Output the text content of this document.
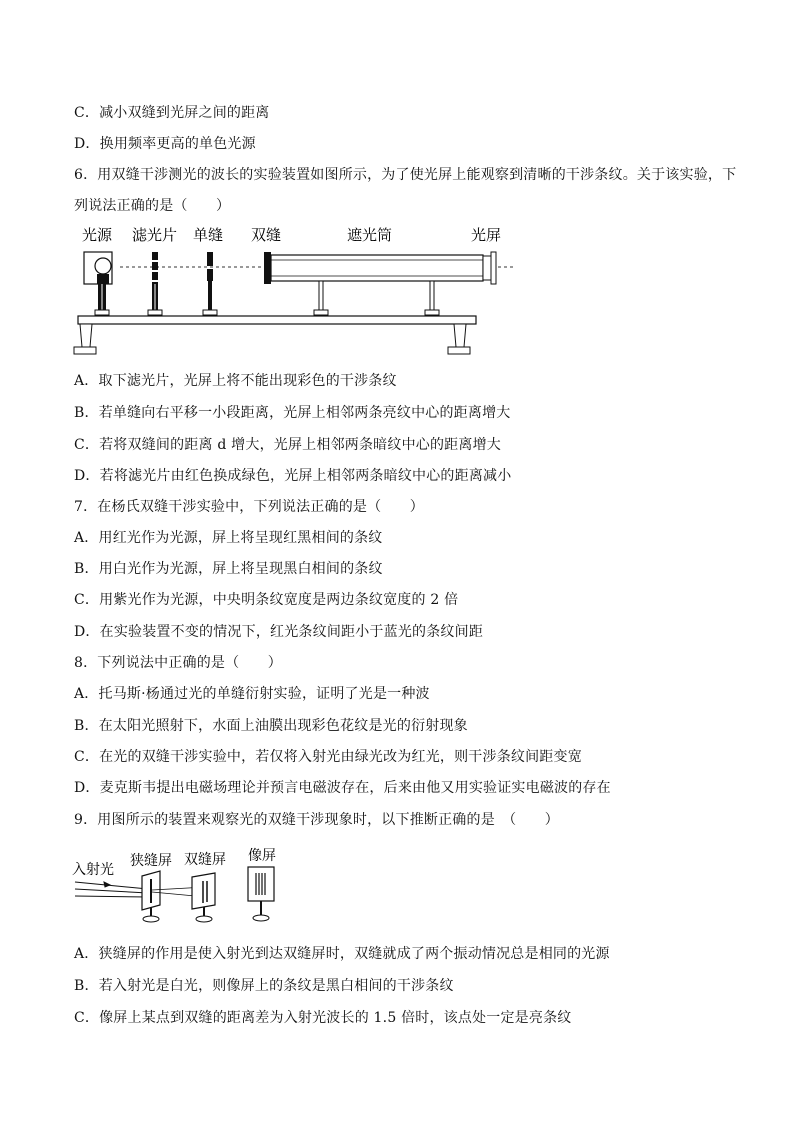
C．减小双缝到光屏之间的距离
D．换用频率更高的单色光源
6．用双缝干涉测光的波长的实验装置如图所示，为了使光屏上能观察到清晰的干涉条纹。关于该实验，下
列说法正确的是（　　）
光源 滤光片 单缝 双缝	遮光筒	光屏
A．取下滤光片，光屏上将不能出现彩色的干涉条纹
B．若单缝向右平移一小段距离，光屏上相邻两条亮纹中心的距离增大
C．若将双缝间的距离 d 增大，光屏上相邻两条暗纹中心的距离增大
D．若将滤光片由红色换成绿色，光屏上相邻两条暗纹中心的距离减小
7．在杨氏双缝干涉实验中，下列说法正确的是（　　）
A．用红光作为光源，屏上将呈现红黑相间的条纹
B．用白光作为光源，屏上将呈现黑白相间的条纹
C．用紫光作为光源，中央明条纹宽度是两边条纹宽度的 2 倍
D．在实验装置不变的情况下，红光条纹间距小于蓝光的条纹间距
8．下列说法中正确的是（　　）
A．托马斯·杨通过光的单缝衍射实验，证明了光是一种波
B．在太阳光照射下，水面上油膜出现彩色花纹是光的衍射现象
C．在光的双缝干涉实验中，若仅将入射光由绿光改为红光，则干涉条纹间距变宽
D．麦克斯韦提出电磁场理论并预言电磁波存在，后来由他又用实验证实电磁波的存在
9．用图所示的装置来观察光的双缝干涉现象时，以下推断正确的是　（　　）
入射光
狭缝屏 双缝屏 像屏
A．狭缝屏的作用是使入射光到达双缝屏时，双缝就成了两个振动情况总是相同的光源
B．若入射光是白光，则像屏上的条纹是黑白相间的干涉条纹
C．像屏上某点到双缝的距离差为入射光波长的 1.5 倍时，该点处一定是亮条纹
